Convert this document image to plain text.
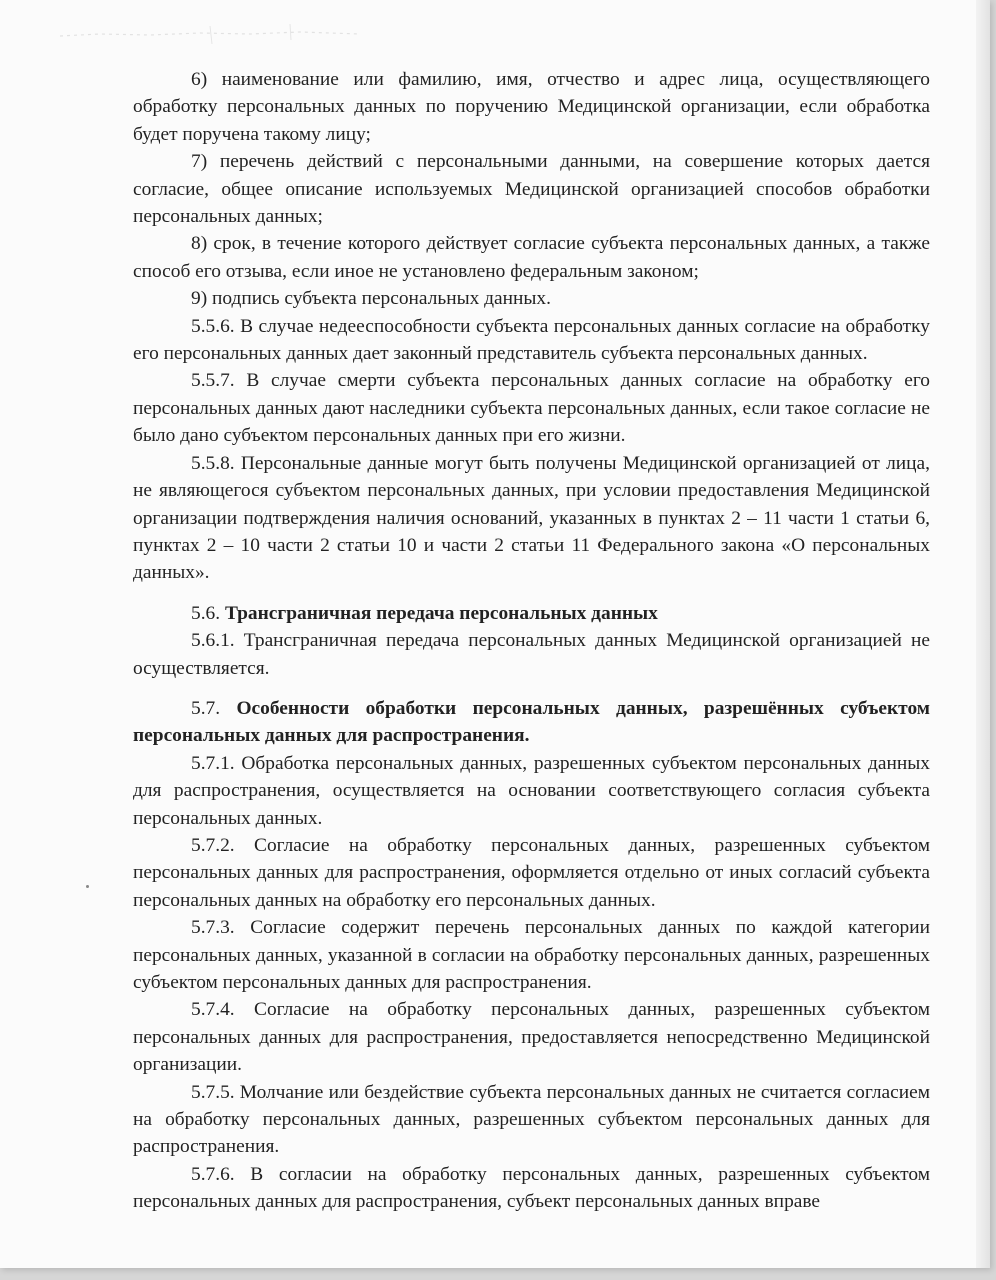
6) наименование или фамилию, имя, отчество и адрес лица, осуществляющего обработку персональных данных по поручению Медицинской организации, если обработка будет поручена такому лицу;

7) перечень действий с персональными данными, на совершение которых дается согласие, общее описание используемых Медицинской организацией способов обработки персональных данных;

8) срок, в течение которого действует согласие субъекта персональных данных, а также способ его отзыва, если иное не установлено федеральным законом;

9) подпись субъекта персональных данных.

5.5.6. В случае недееспособности субъекта персональных данных согласие на обработку его персональных данных дает законный представитель субъекта персональных данных.

5.5.7. В случае смерти субъекта персональных данных согласие на обработку его персональных данных дают наследники субъекта персональных данных, если такое согласие не было дано субъектом персональных данных при его жизни.

5.5.8. Персональные данные могут быть получены Медицинской организацией от лица, не являющегося субъектом персональных данных, при условии предоставления Медицинской организации подтверждения наличия оснований, указанных в пунктах 2 – 11 части 1 статьи 6, пунктах 2 – 10 части 2 статьи 10 и части 2 статьи 11 Федерального закона «О персональных данных».

5.6. Трансграничная передача персональных данных

5.6.1. Трансграничная передача персональных данных Медицинской организацией не осуществляется.

5.7. Особенности обработки персональных данных, разрешённых субъектом персональных данных для распространения.

5.7.1. Обработка персональных данных, разрешенных субъектом персональных данных для распространения, осуществляется на основании соответствующего согласия субъекта персональных данных.

5.7.2. Согласие на обработку персональных данных, разрешенных субъектом персональных данных для распространения, оформляется отдельно от иных согласий субъекта персональных данных на обработку его персональных данных.

5.7.3. Согласие содержит перечень персональных данных по каждой категории персональных данных, указанной в согласии на обработку персональных данных, разрешенных субъектом персональных данных для распространения.

5.7.4. Согласие на обработку персональных данных, разрешенных субъектом персональных данных для распространения, предоставляется непосредственно Медицинской организации.

5.7.5. Молчание или бездействие субъекта персональных данных не считается согласием на обработку персональных данных, разрешенных субъектом персональных данных для распространения.

5.7.6. В согласии на обработку персональных данных, разрешенных субъектом персональных данных для распространения, субъект персональных данных вправе
